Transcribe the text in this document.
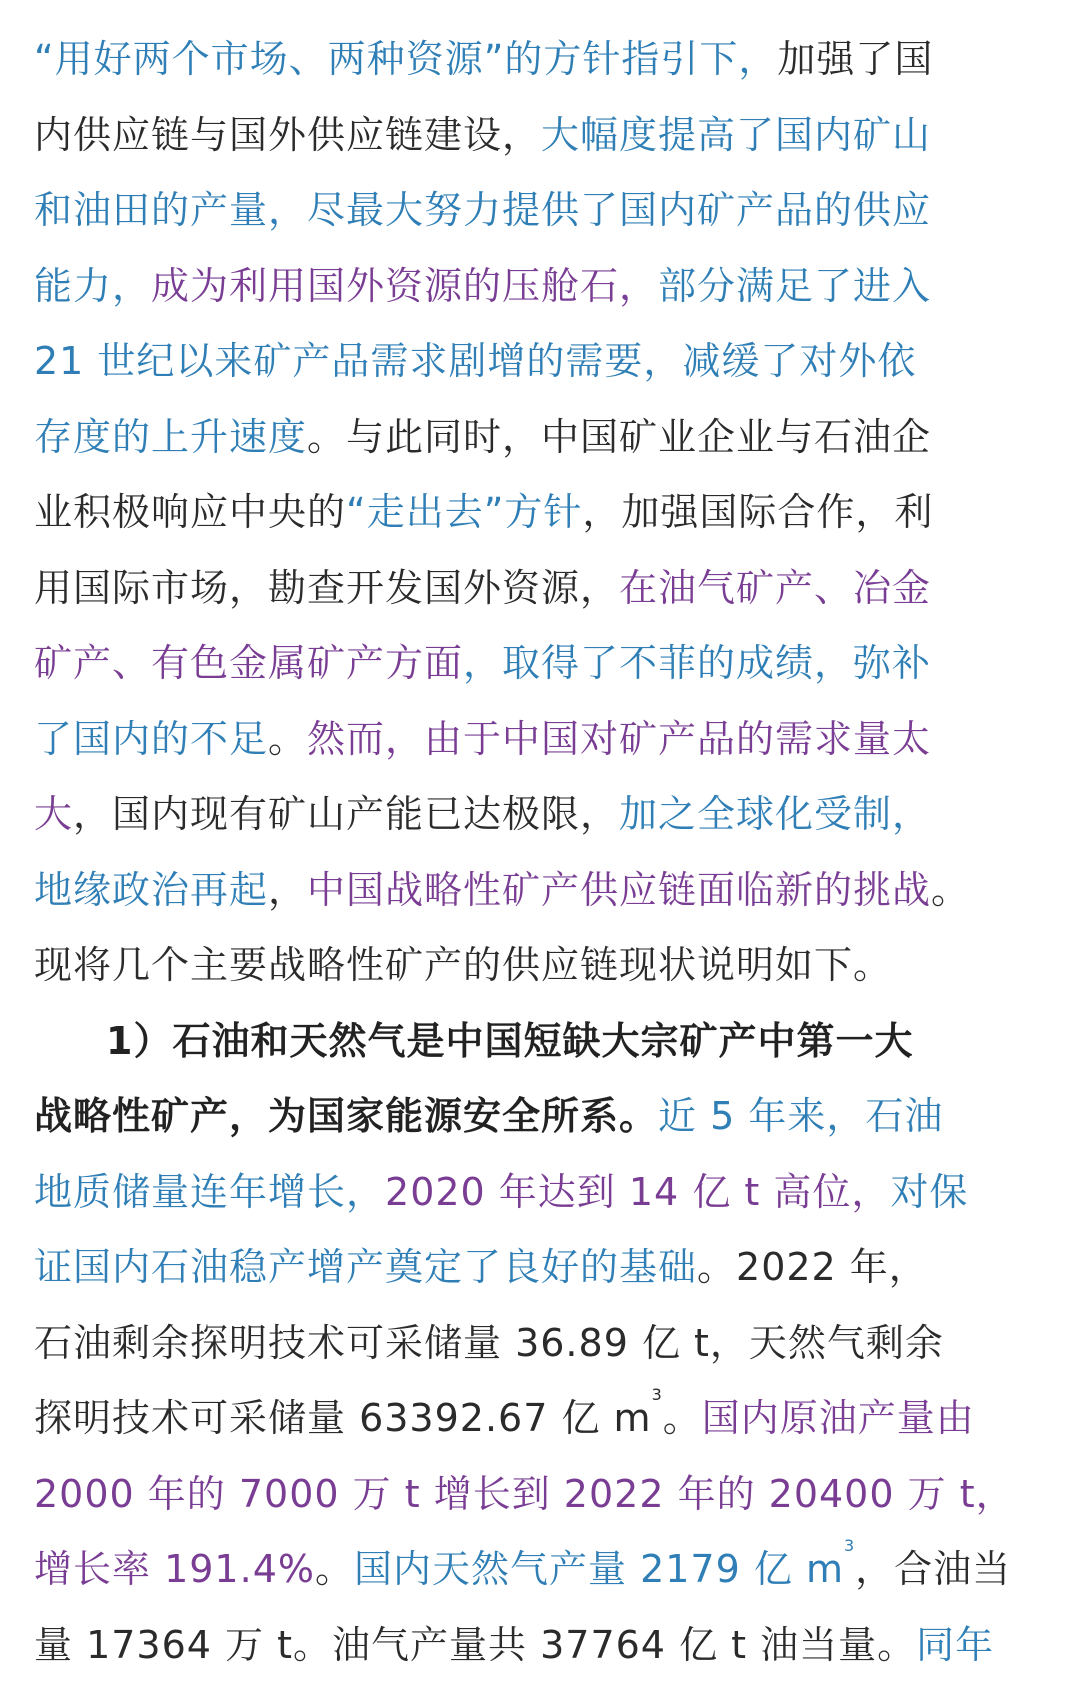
“用好两个市场、两种资源”的方针指引下，加强了国
内供应链与国外供应链建设，大幅度提高了国内矿山
和油田的产量，尽最大努力提供了国内矿产品的供应
能力，成为利用国外资源的压舱石，部分满足了进入
21 世纪以来矿产品需求剧增的需要，减缓了对外依
存度的上升速度。与此同时，中国矿业企业与石油企
业积极响应中央的“走出去”方针，加强国际合作，利
用国际市场，勘查开发国外资源，在油气矿产、冶金
矿产、有色金属矿产方面，取得了不菲的成绩，弥补
了国内的不足。然而，由于中国对矿产品的需求量太
大，国内现有矿山产能已达极限，加之全球化受制，
地缘政治再起，中国战略性矿产供应链面临新的挑战。
现将几个主要战略性矿产的供应链现状说明如下。
1）石油和天然气是中国短缺大宗矿产中第一大
战略性矿产，为国家能源安全所系。近 5 年来，石油
地质储量连年增长，2020 年达到 14 亿 t 高位，对保
证国内石油稳产增产奠定了良好的基础。2022 年，
石油剩余探明技术可采储量 36.89 亿 t，天然气剩余
探明技术可采储量 63392.67 亿 $m^3$。国内原油产量由
2000 年的 7000 万 t 增长到 2022 年的 20400 万 t，
增长率 191.4%。国内天然气产量 2179 亿 $m^3$，合油当
量 17364 万 t。油气产量共 37764 亿 t 油当量。同年
